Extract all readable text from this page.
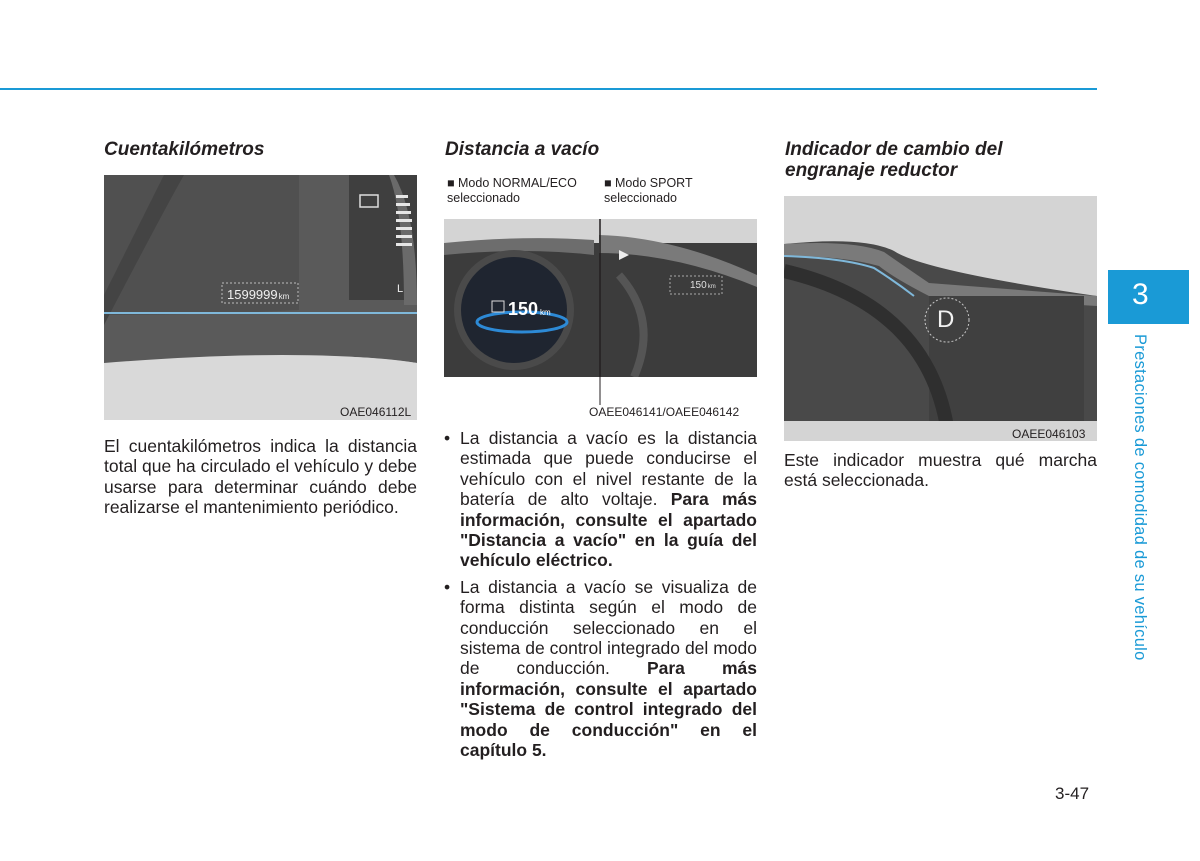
Cuentakilómetros
1599999km
L
OAE046112L
El cuentakilómetros indica la distancia total que ha circulado el vehículo y debe usarse para determinar cuándo debe realizarse el mantenimiento periódico.
Distancia a vacío
■ Modo NORMAL/ECO seleccionado
■ Modo SPORT seleccionado
150 km
150km
OAEE046141/OAEE046142
• La distancia a vacío es la distancia estimada que puede conducirse el vehículo con el nivel restante de la batería de alto voltaje. Para más información, consulte el apartado "Distancia a vacío" en la guía del vehículo eléctrico.
• La distancia a vacío se visualiza de forma distinta según el modo de conducción seleccionado en el sistema de control integrado del modo de conducción. Para más información, consulte el apartado "Sistema de control integrado del modo de conducción" en el capítulo 5.
Indicador de cambio del engranaje reductor
D
OAEE046103
Este indicador muestra qué marcha está seleccionada.
3
Prestaciones de comodidad de su vehículo
3-47
